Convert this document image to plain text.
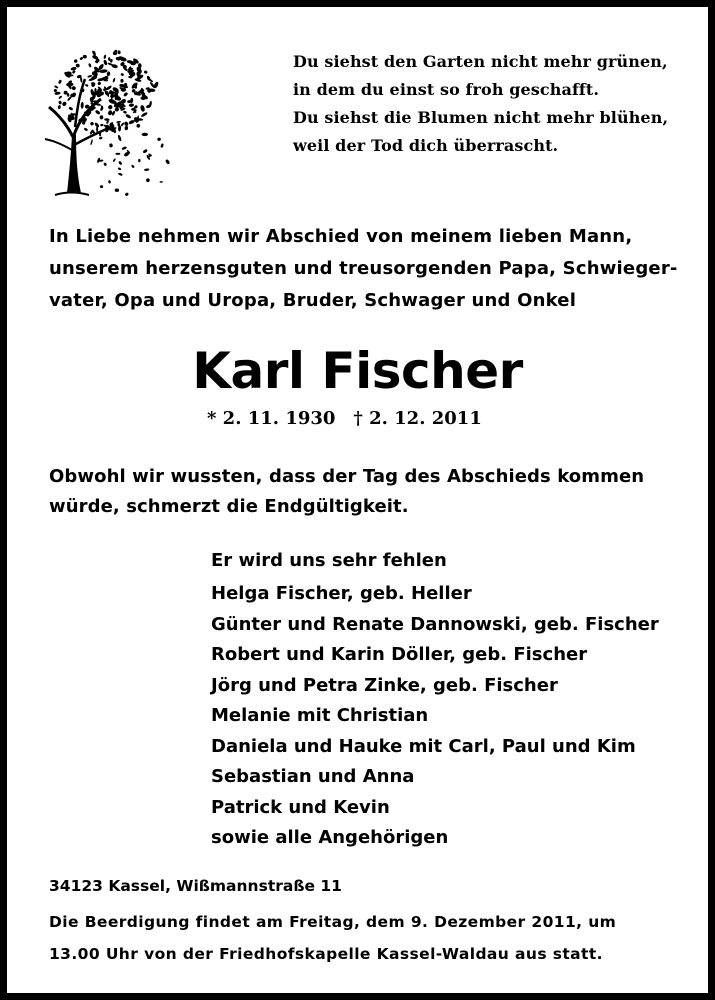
Du siehst den Garten nicht mehr grünen,
in dem du einst so froh geschafft.
Du siehst die Blumen nicht mehr blühen,
weil der Tod dich überrascht.
In Liebe nehmen wir Abschied von meinem lieben Mann,
unserem herzensguten und treusorgenden Papa, Schwieger-
vater, Opa und Uropa, Bruder, Schwager und Onkel
Karl Fischer
* 2. 11. 1930 † 2. 12. 2011
Obwohl wir wussten, dass der Tag des Abschieds kommen
würde, schmerzt die Endgültigkeit.
Er wird uns sehr fehlen
Helga Fischer, geb. Heller
Günter und Renate Dannowski, geb. Fischer
Robert und Karin Döller, geb. Fischer
Jörg und Petra Zinke, geb. Fischer
Melanie mit Christian
Daniela und Hauke mit Carl, Paul und Kim
Sebastian und Anna
Patrick und Kevin
sowie alle Angehörigen
34123 Kassel, Wißmannstraße 11
Die Beerdigung findet am Freitag, dem 9. Dezember 2011, um
13.00 Uhr von der Friedhofskapelle Kassel-Waldau aus statt.
